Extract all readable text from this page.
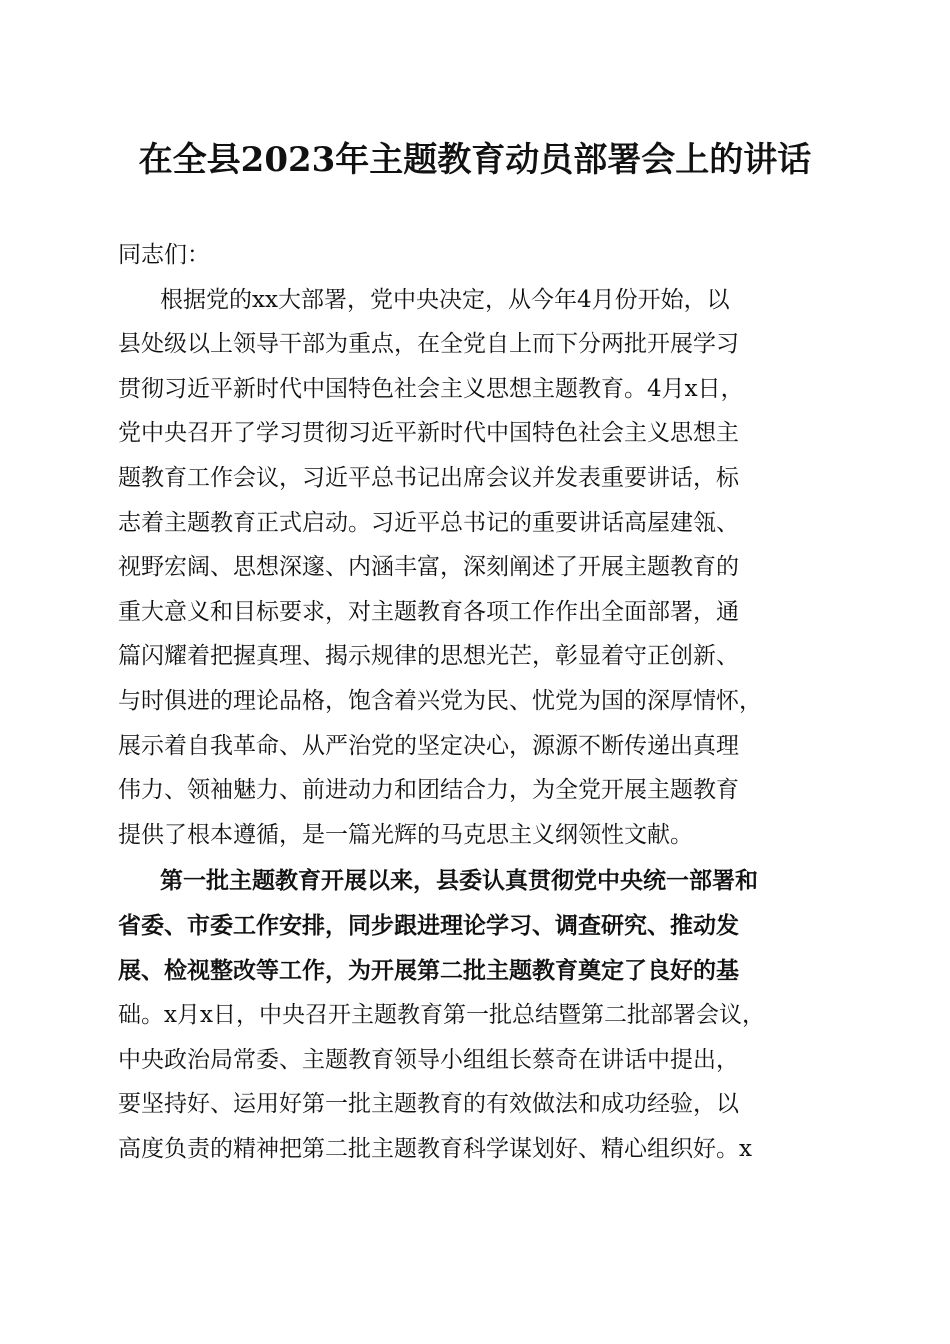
在全县2023年主题教育动员部署会上的讲话
同志们：
根据党的xx大部署，党中央决定，从今年4月份开始，以
县处级以上领导干部为重点，在全党自上而下分两批开展学习
贯彻习近平新时代中国特色社会主义思想主题教育。4月x日，
党中央召开了学习贯彻习近平新时代中国特色社会主义思想主
题教育工作会议，习近平总书记出席会议并发表重要讲话，标
志着主题教育正式启动。习近平总书记的重要讲话高屋建瓴、
视野宏阔、思想深邃、内涵丰富，深刻阐述了开展主题教育的
重大意义和目标要求，对主题教育各项工作作出全面部署，通
篇闪耀着把握真理、揭示规律的思想光芒，彰显着守正创新、
与时俱进的理论品格，饱含着兴党为民、忧党为国的深厚情怀，
展示着自我革命、从严治党的坚定决心，源源不断传递出真理
伟力、领袖魅力、前进动力和团结合力，为全党开展主题教育
提供了根本遵循，是一篇光辉的马克思主义纲领性文献。
第一批主题教育开展以来，县委认真贯彻党中央统一部署和
省委、市委工作安排，同步跟进理论学习、调查研究、推动发
展、检视整改等工作，为开展第二批主题教育奠定了良好的基
础。x月x日，中央召开主题教育第一批总结暨第二批部署会议，
中央政治局常委、主题教育领导小组组长蔡奇在讲话中提出，
要坚持好、运用好第一批主题教育的有效做法和成功经验，以
高度负责的精神把第二批主题教育科学谋划好、精心组织好。x
